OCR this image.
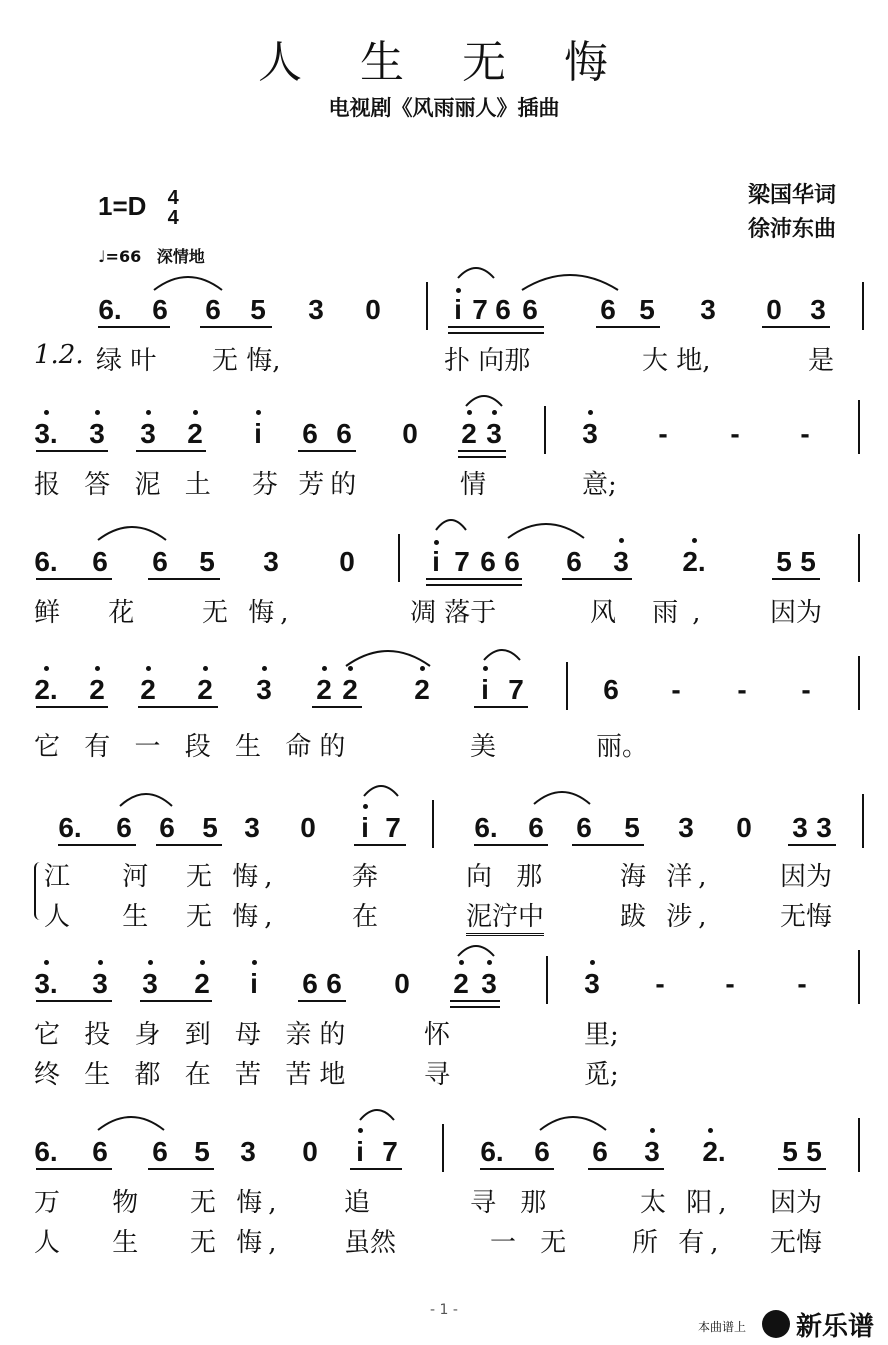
人 生 无 悔
电视剧《风雨丽人》插曲
1=D 4
4
梁国华词
徐沛东曲
♩=66 深情地
6. 6 6 5 3 0	i 7 6 6 6 5 3 0 3
1.2. 绿 叶 无 悔,	扑 向那	大 地,	是
3. 3 3 2 i 6 6 0 2 3	3 - - -
报 答 泥 土 芬 芳的	情	意;
6. 6 6 5 3 0	i 7 6 6 6 3 2.	5 5
鲜 花 无 悔,	凋 落于	风 雨, 因为
2. 2 2 2 3 2 2 2 i 7	6 - - -
它 有 一 段 生 命的	美	丽。
6. 6 6 5 3 0 i 7	6. 6 6 5 3 0 3 3
江 河 无 悔,	奔	向 那	海 洋,	因为
人 生 无 悔,	在	泥泞中	跋 涉,	无悔
3. 3 3 2 i 6 6 0 2 3	3 - - -
它 投 身 到 母 亲的	怀	里;
终 生 都 在 苦 苦地	寻	觅;
6. 6 6 5 3 0 i 7	6. 6 6 3 2. 5 5
万 物 无 悔, 追	寻 那	太 阳, 因为
人 生 无 悔, 虽然	一 无 所 有, 无悔
- 1 -
本曲谱上 新乐谱
